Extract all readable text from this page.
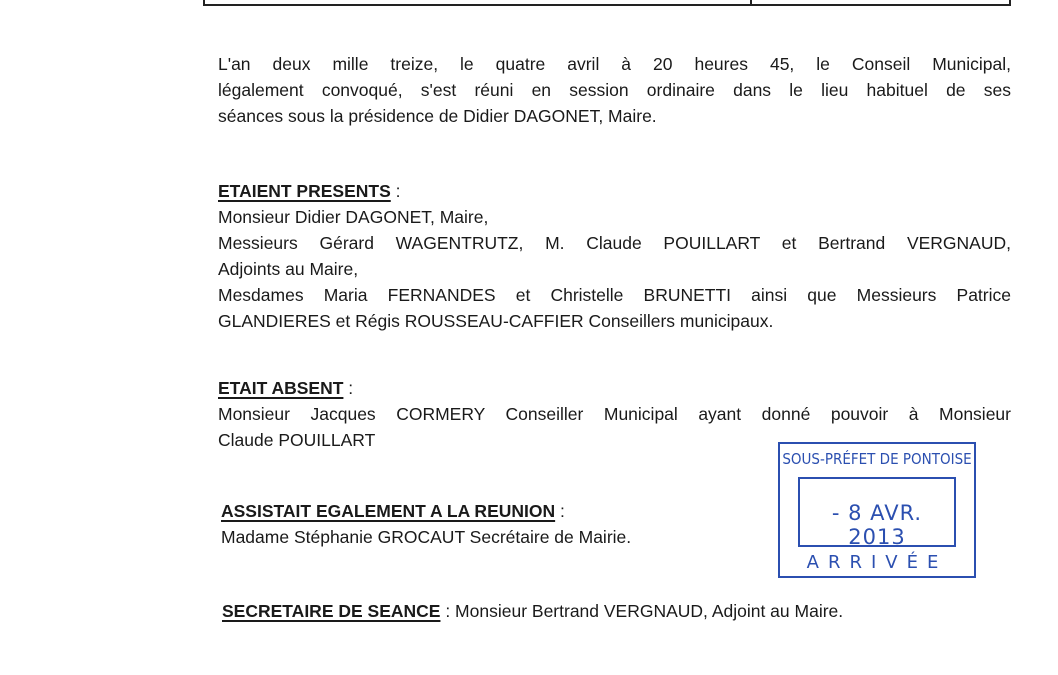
L'an deux mille treize, le quatre avril à 20 heures 45, le Conseil Municipal,
légalement convoqué, s'est réuni en session ordinaire dans le lieu habituel de ses
séances sous la présidence de Didier DAGONET, Maire.
ETAIENT PRESENTS :
Monsieur Didier DAGONET, Maire,
Messieurs Gérard WAGENTRUTZ, M. Claude POUILLART et Bertrand VERGNAUD,
Adjoints au Maire,
Mesdames Maria FERNANDES et Christelle BRUNETTI ainsi que Messieurs Patrice
GLANDIERES et Régis ROUSSEAU-CAFFIER Conseillers municipaux.
ETAIT ABSENT :
Monsieur Jacques CORMERY Conseiller Municipal ayant donné pouvoir à Monsieur
Claude POUILLART
ASSISTAIT EGALEMENT A LA REUNION :
Madame Stéphanie GROCAUT Secrétaire de Mairie.
SECRETAIRE DE SEANCE : Monsieur Bertrand VERGNAUD, Adjoint au Maire.
SOUS-PRÉFET DE PONTOISE
- 8 AVR. 2013
ARRIVÉE
